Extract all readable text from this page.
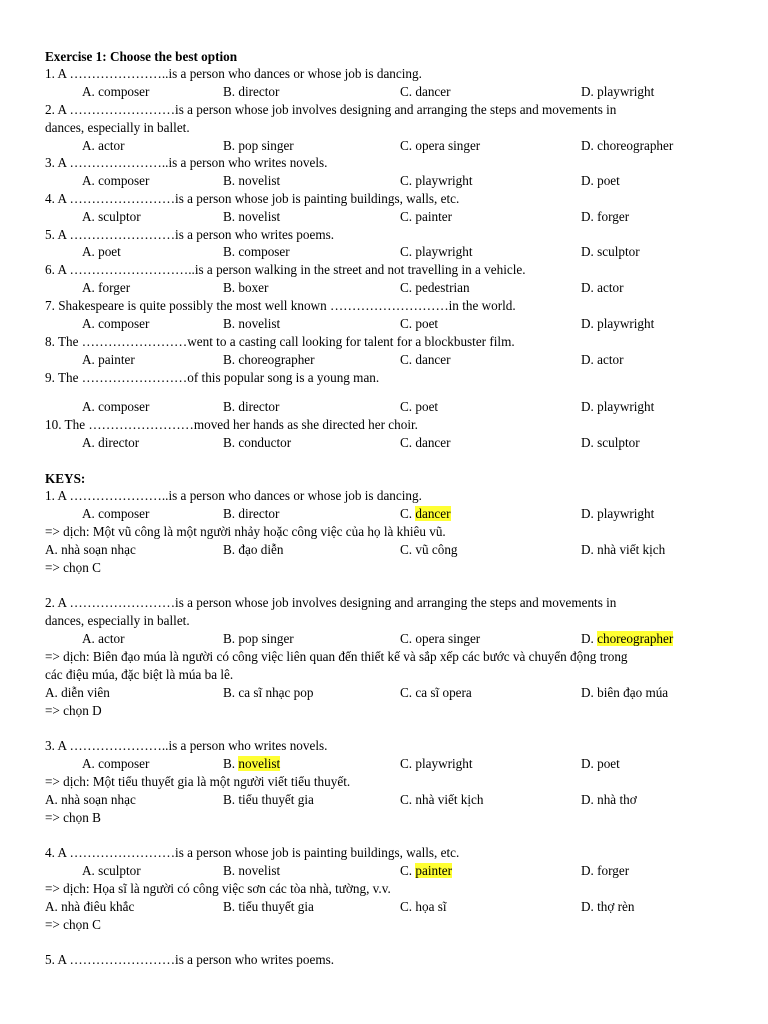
Exercise 1: Choose the best option
1. A …………………..is a person who dances or whose job is dancing.
A. composer	B. director	C. dancer	D. playwright
2. A ……………………is a person whose job involves designing and arranging the steps and movements in
dances, especially in ballet.
A. actor	B. pop singer	C. opera singer	D. choreographer
3. A …………………..is a person who writes novels.
A. composer	B. novelist	C. playwright	D. poet
4. A ……………………is a person whose job is painting buildings, walls, etc.
A. sculptor	B. novelist	C. painter	D. forger
5. A ……………………is a person who writes poems.
A. poet	B. composer	C. playwright	D. sculptor
6. A ………………………..is a person walking in the street and not travelling in a vehicle.
A. forger	B. boxer	C. pedestrian	D. actor
7. Shakespeare is quite possibly the most well known ………………………in the world.
A. composer	B. novelist	C. poet	D. playwright
8. The ……………………went to a casting call looking for talent for a blockbuster film.
A. painter	B. choreographer	C. dancer	D. actor
9. The ……………………of this popular song is a young man.
A. composer	B. director	C. poet	D. playwright
10. The ……………………moved her hands as she directed her choir.
A. director	B. conductor	C. dancer	D. sculptor
KEYS:
1. A …………………..is a person who dances or whose job is dancing.
A. composer	B. director	C. dancer	D. playwright
=> dịch: Một vũ công là một người nhảy hoặc công việc của họ là khiêu vũ.
A. nhà soạn nhạc	B. đạo diễn	C. vũ công	D. nhà viết kịch
=> chọn C
2. A ……………………is a person whose job involves designing and arranging the steps and movements in
dances, especially in ballet.
A. actor	B. pop singer	C. opera singer	D. choreographer
=> dịch: Biên đạo múa là người có công việc liên quan đến thiết kế và sắp xếp các bước và chuyển động trong
các điệu múa, đặc biệt là múa ba lê.
A. diễn viên	B. ca sĩ nhạc pop	C. ca sĩ opera	D. biên đạo múa
=> chọn D
3. A …………………..is a person who writes novels.
A. composer	B. novelist	C. playwright	D. poet
=> dịch: Một tiểu thuyết gia là một người viết tiểu thuyết.
A. nhà soạn nhạc	B. tiểu thuyết gia	C. nhà viết kịch	D. nhà thơ
=> chọn B
4. A ……………………is a person whose job is painting buildings, walls, etc.
A. sculptor	B. novelist	C. painter	D. forger
=> dịch: Họa sĩ là người có công việc sơn các tòa nhà, tường, v.v.
A. nhà điêu khắc	B. tiểu thuyết gia	C. họa sĩ	D. thợ rèn
=> chọn C
5. A ……………………is a person who writes poems.
